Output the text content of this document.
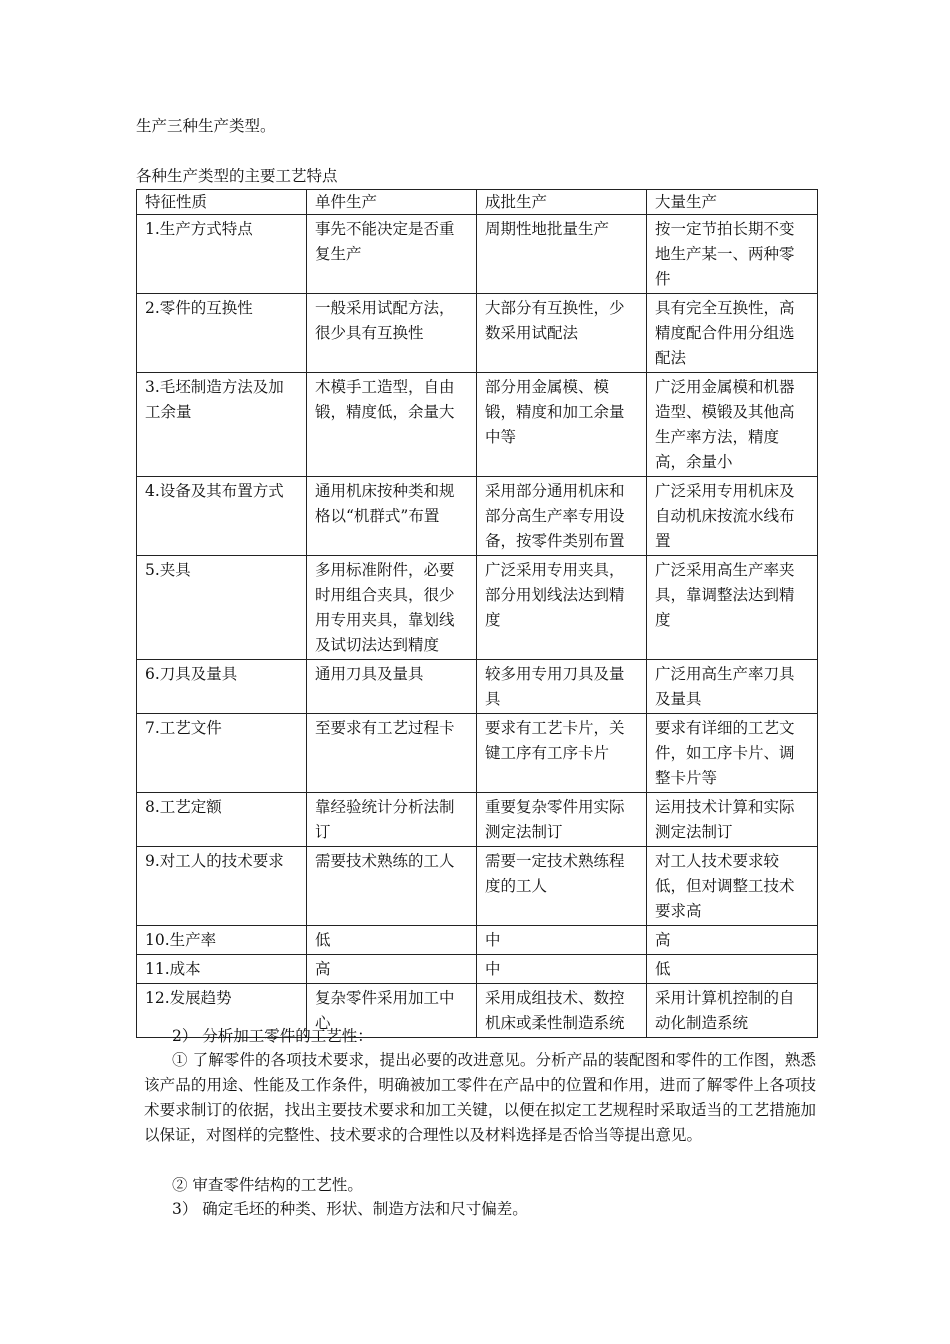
生产三种生产类型。
各种生产类型的主要工艺特点
特征性质	单件生产	成批生产	大量生产
1.生产方式特点	事先不能决定是否重复生产	周期性地批量生产	按一定节拍长期不变地生产某一、两种零件
2.零件的互换性	一般采用试配方法，很少具有互换性	大部分有互换性，少数采用试配法	具有完全互换性，高精度配合件用分组选配法
3.毛坯制造方法及加工余量	木模手工造型，自由锻，精度低，余量大	部分用金属模、模锻，精度和加工余量中等	广泛用金属模和机器造型、模锻及其他高生产率方法，精度高，余量小
4.设备及其布置方式	通用机床按种类和规格以“机群式”布置	采用部分通用机床和部分高生产率专用设备，按零件类别布置	广泛采用专用机床及自动机床按流水线布置
5.夹具	多用标准附件，必要时用组合夹具，很少用专用夹具，靠划线及试切法达到精度	广泛采用专用夹具，部分用划线法达到精度	广泛采用高生产率夹具，靠调整法达到精度
6.刀具及量具	通用刀具及量具	较多用专用刀具及量具	广泛用高生产率刀具及量具
7.工艺文件	至要求有工艺过程卡	要求有工艺卡片，关键工序有工序卡片	要求有详细的工艺文件，如工序卡片、调整卡片等
8.工艺定额	靠经验统计分析法制订	重要复杂零件用实际测定法制订	运用技术计算和实际测定法制订
9.对工人的技术要求	需要技术熟练的工人	需要一定技术熟练程度的工人	对工人技术要求较低，但对调整工技术要求高
10.生产率	低	中	高
11.成本	高	中	低
12.发展趋势	复杂零件采用加工中心	采用成组技术、数控机床或柔性制造系统	采用计算机控制的自动化制造系统
2） 分析加工零件的工艺性：
① 了解零件的各项技术要求，提出必要的改进意见。分析产品的装配图和零件的工作图，熟悉该产品的用途、性能及工作条件，明确被加工零件在产品中的位置和作用，进而了解零件上各项技术要求制订的依据，找出主要技术要求和加工关键，以便在拟定工艺规程时采取适当的工艺措施加以保证，对图样的完整性、技术要求的合理性以及材料选择是否恰当等提出意见。
② 审查零件结构的工艺性。
3） 确定毛坯的种类、形状、制造方法和尺寸偏差。
